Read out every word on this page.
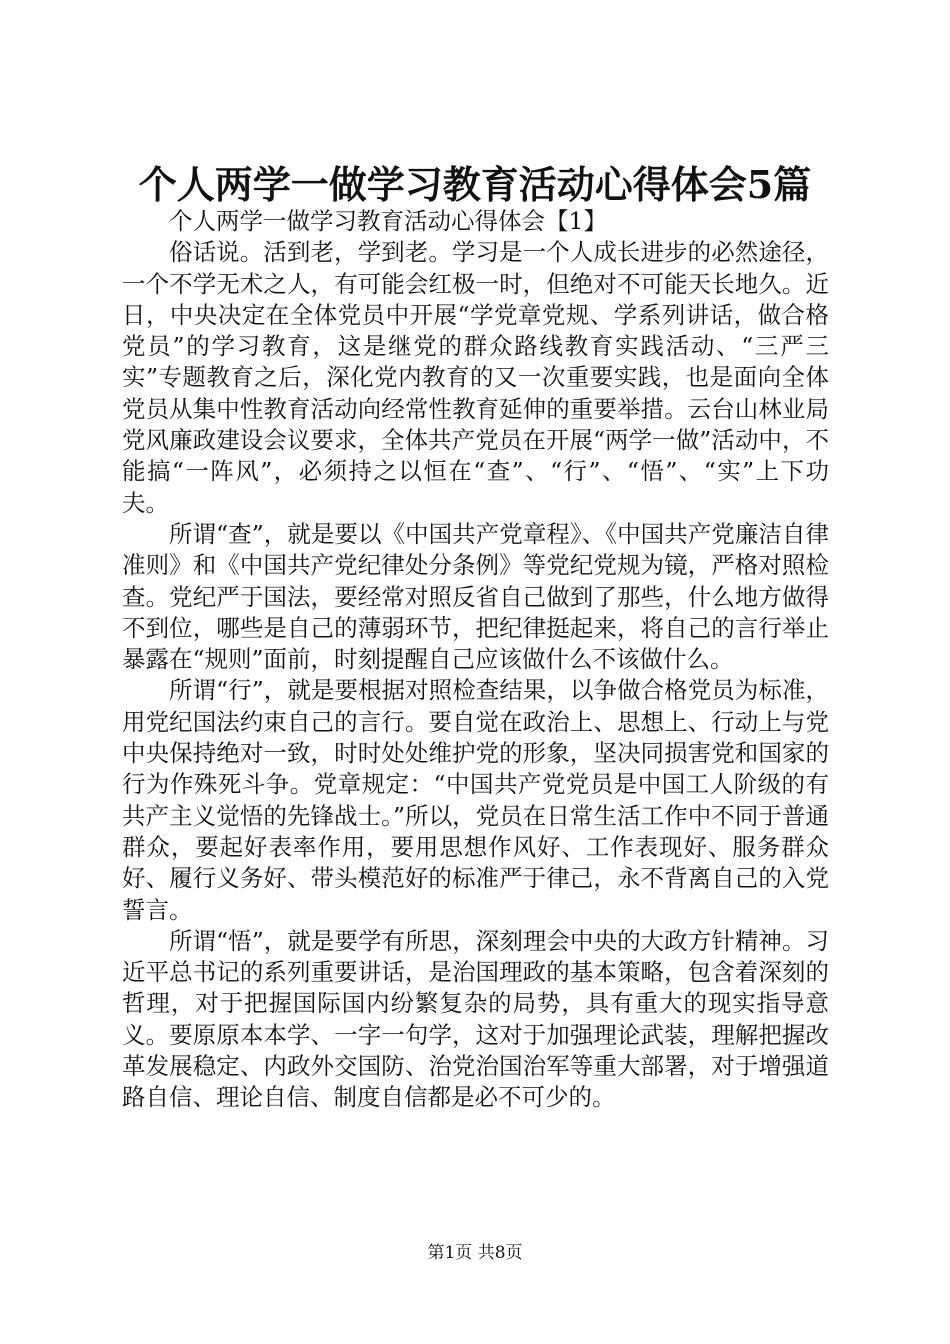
个人两学一做学习教育活动心得体会5篇

个人两学一做学习教育活动心得体会【1】

俗话说。活到老，学到老。学习是一个人成长进步的必然途径，一个不学无术之人，有可能会红极一时，但绝对不可能天长地久。近日，中央决定在全体党员中开展“学党章党规、学系列讲话，做合格党员”的学习教育，这是继党的群众路线教育实践活动、“三严三实”专题教育之后，深化党内教育的又一次重要实践，也是面向全体党员从集中性教育活动向经常性教育延伸的重要举措。云台山林业局党风廉政建设会议要求，全体共产党员在开展“两学一做”活动中，不能搞“一阵风”，必须持之以恒在“查”、“行”、“悟”、“实”上下功夫。

所谓“查”，就是要以《中国共产党章程》、《中国共产党廉洁自律准则》和《中国共产党纪律处分条例》等党纪党规为镜，严格对照检查。党纪严于国法，要经常对照反省自己做到了那些，什么地方做得不到位，哪些是自己的薄弱环节，把纪律挺起来，将自己的言行举止暴露在“规则”面前，时刻提醒自己应该做什么不该做什么。

所谓“行”，就是要根据对照检查结果，以争做合格党员为标准，用党纪国法约束自己的言行。要自觉在政治上、思想上、行动上与党中央保持绝对一致，时时处处维护党的形象，坚决同损害党和国家的行为作殊死斗争。党章规定：“中国共产党党员是中国工人阶级的有共产主义觉悟的先锋战士。”所以，党员在日常生活工作中不同于普通群众，要起好表率作用，要用思想作风好、工作表现好、服务群众好、履行义务好、带头模范好的标准严于律己，永不背离自己的入党誓言。

所谓“悟”，就是要学有所思，深刻理会中央的大政方针精神。习近平总书记的系列重要讲话，是治国理政的基本策略，包含着深刻的哲理，对于把握国际国内纷繁复杂的局势，具有重大的现实指导意义。要原原本本学、一字一句学，这对于加强理论武装，理解把握改革发展稳定、内政外交国防、治党治国治军等重大部署，对于增强道路自信、理论自信、制度自信都是必不可少的。

第1页 共8页
